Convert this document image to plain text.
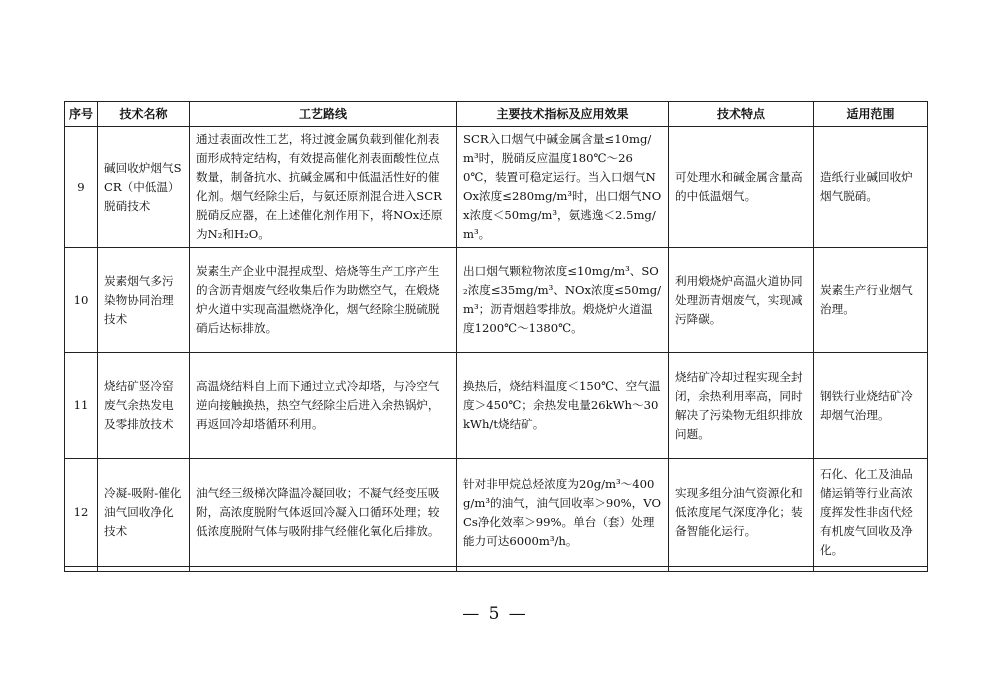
序号	技术名称	工艺路线	主要技术指标及应用效果	技术特点	适用范围
9	碱回收炉烟气SCR（中低温）脱硝技术	通过表面改性工艺，将过渡金属负载到催化剂表面形成特定结构，有效提高催化剂表面酸性位点数量，制备抗水、抗碱金属和中低温活性好的催化剂。烟气经除尘后，与氨还原剂混合进入SCR脱硝反应器，在上述催化剂作用下，将NOx还原为N₂和H₂O。	SCR入口烟气中碱金属含量≤10mg/m³时，脱硝反应温度180℃～260℃，装置可稳定运行。当入口烟气NOx浓度≤280mg/m³时，出口烟气NOx浓度＜50mg/m³，氨逃逸＜2.5mg/m³。	可处理水和碱金属含量高的中低温烟气。	造纸行业碱回收炉烟气脱硝。
10	炭素烟气多污染物协同治理技术	炭素生产企业中混捏成型、焙烧等生产工序产生的含沥青烟废气经收集后作为助燃空气，在煅烧炉火道中实现高温燃烧净化，烟气经除尘脱硫脱硝后达标排放。	出口烟气颗粒物浓度≤10mg/m³、SO₂浓度≤35mg/m³、NOx浓度≤50mg/m³；沥青烟趋零排放。煅烧炉火道温度1200℃～1380℃。	利用煅烧炉高温火道协同处理沥青烟废气，实现减污降碳。	炭素生产行业烟气治理。
11	烧结矿竖冷窑废气余热发电及零排放技术	高温烧结料自上而下通过立式冷却塔，与冷空气逆向接触换热，热空气经除尘后进入余热锅炉，再返回冷却塔循环利用。	换热后，烧结料温度＜150℃、空气温度＞450℃；余热发电量26kWh～30kWh/t烧结矿。	烧结矿冷却过程实现全封闭，余热利用率高，同时解决了污染物无组织排放问题。	钢铁行业烧结矿冷却烟气治理。
12	冷凝-吸附-催化油气回收净化技术	油气经三级梯次降温冷凝回收；不凝气经变压吸附，高浓度脱附气体返回冷凝入口循环处理；较低浓度脱附气体与吸附排气经催化氧化后排放。	针对非甲烷总烃浓度为20g/m³～400g/m³的油气，油气回收率＞90%，VOCs净化效率＞99%。单台（套）处理能力可达6000m³/h。	实现多组分油气资源化和低浓度尾气深度净化；装备智能化运行。	石化、化工及油品储运销等行业高浓度挥发性非卤代烃有机废气回收及净化。

— 5 —
